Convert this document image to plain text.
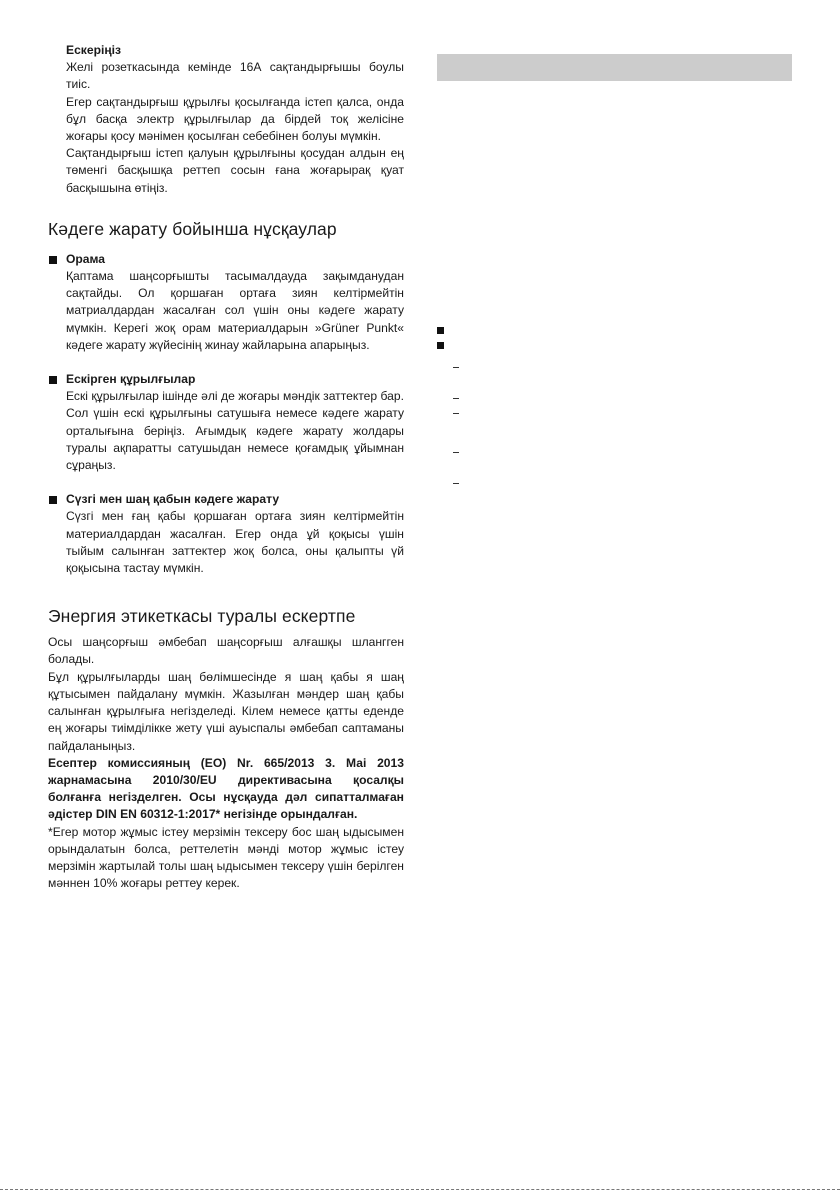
Ескеріңіз

Желі розеткасында кемінде 16А сақтандырғышы боулы тиіс.

Егер сақтандырғыш құрылғы қосылғанда істеп қалса, онда бұл басқа электр құрылғылар да бірдей тоқ желісіне жоғары қосу мәнімен қосылған себебінен болуы мүмкін.

Сақтандырғыш істеп қалуын құрылғыны қосудан алдын ең төменгі басқышқа реттеп сосын ғана жоғарырақ қуат басқышына өтіңіз.

Кәдеге жарату бойынша нұсқаулар
Орама

Қаптама шаңсорғышты тасымалдауда зақымданудан сақтайды. Ол қоршаған ортаға зиян келтірмейтін матриалдардан жасалған сол үшін оны кәдеге жарату мүмкін. Керегі жоқ орам материалдарын »Grüner Punkt« кәдеге жарату жүйесінің жинау жайларына апарыңыз.

Ескірген құрылғылар

Ескі құрылғылар ішінде әлі де жоғары мәндік заттектер бар. Сол үшін ескі құрылғыны сатушыға немесе кәдеге жарату орталығына беріңіз. Ағымдық кәдеге жарату жолдары туралы ақпаратты сатушыдан немесе қоғамдық ұйымнан сұраңыз.

Сүзгі мен шаң қабын кәдеге жарату

Сүзгі мен ғаң қабы қоршаған ортаға зиян келтірмейтін материалдардан жасалған. Егер онда ұй қоқысы үшін тыйым салынған заттектер жоқ болса, оны қалыпты үй қоқысына тастау мүмкін.

Энергия этикеткасы туралы ескертпе

Осы шаңсорғыш әмбебап шаңсорғыш алғашқы шлангген болады.

Бұл құрылғыларды шаң бөлімшесінде я шаң қабы я шаң құтысымен пайдалану мүмкін. Жазылған мәндер шаң қабы салынған құрылғыға негізделеді. Кілем немесе қатты еденде ең жоғары тиімділікке жету үші ауыспалы әмбебап саптаманы пайдаланыңыз.

Есептер комиссияның (ЕО) Nr. 665/2013 3. Маі 2013 жарнамасына 2010/30/EU директивасына қосалқы болғанға негізделген. Осы нұсқауда дәл сипатталмаған әдістер DIN EN 60312-1:2017* негізінде орындалған.

*Егер мотор жұмыс істеу мерзімін тексеру бос шаң ыдысымен орындалатын болса, реттелетін мәнді мотор жұмыс істеу мерзімін жартылай толы шаң ыдысымен тексеру үшін берілген мәннен 10% жоғары реттеу керек.
